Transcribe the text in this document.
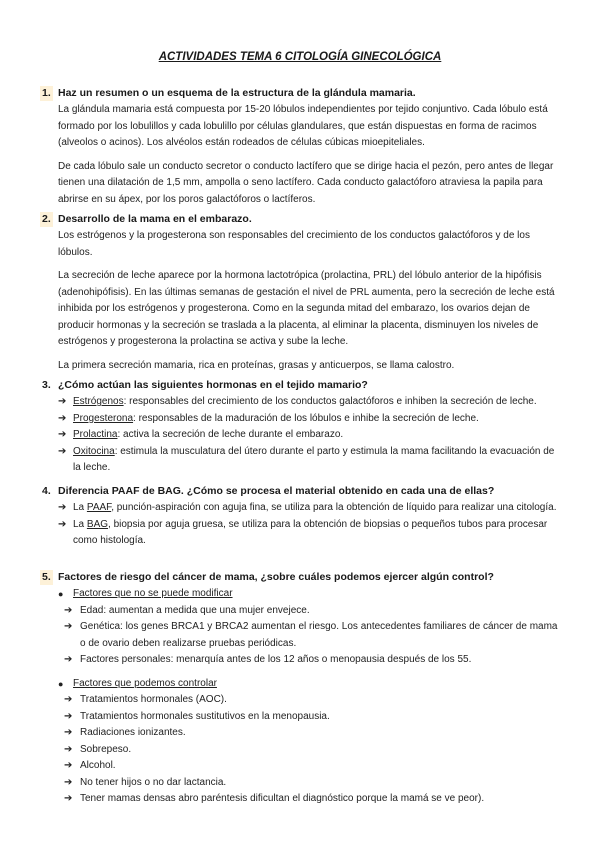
ACTIVIDADES TEMA 6 CITOLOGÍA GINECOLÓGICA
1. Haz un resumen o un esquema de la estructura de la glándula mamaria.

La glándula mamaria está compuesta por 15-20 lóbulos independientes por tejido conjuntivo. Cada lóbulo está formado por los lobulillos y cada lobulillo por células glandulares, que están dispuestas en forma de racimos (alveolos o acinos). Los alvéolos están rodeados de células cúbicas mioepiteliales.

De cada lóbulo sale un conducto secretor o conducto lactífero que se dirige hacia el pezón, pero antes de llegar tienen una dilatación de 1,5 mm, ampolla o seno lactífero. Cada conducto galactóforo atraviesa la papila para abrirse en su ápex, por los poros galactóforos o lactíferos.

2. Desarrollo de la mama en el embarazo.

Los estrógenos y la progesterona son responsables del crecimiento de los conductos galactóforos y de los lóbulos.

La secreción de leche aparece por la hormona lactotrópica (prolactina, PRL) del lóbulo anterior de la hipófisis (adenohipófisis). En las últimas semanas de gestación el nivel de PRL aumenta, pero la secreción de leche está inhibida por los estrógenos y progesterona. Como en la segunda mitad del embarazo, los ovarios dejan de producir hormonas y la secreción se traslada a la placenta, al eliminar la placenta, disminuyen los niveles de estrógenos y progesterona la prolactina se activa y sube la leche.

La primera secreción mamaria, rica en proteínas, grasas y anticuerpos, se llama calostro.

3. ¿Cómo actúan las siguientes hormonas en el tejido mamario?
➔ Estrógenos: responsables del crecimiento de los conductos galactóforos e inhiben la secreción de leche.
➔ Progesterona: responsables de la maduración de los lóbulos e inhibe la secreción de leche.
➔ Prolactina: activa la secreción de leche durante el embarazo.
➔ Oxitocina: estimula la musculatura del útero durante el parto y estimula la mama facilitando la evacuación de la leche.
4. Diferencia PAAF de BAG. ¿Cómo se procesa el material obtenido en cada una de ellas?
➔ La PAAF, punción-aspiración con aguja fina, se utiliza para la obtención de líquido para realizar una citología.
➔ La BAG, biopsia por aguja gruesa, se utiliza para la obtención de biopsias o pequeños tubos para procesar como histología.
5. Factores de riesgo del cáncer de mama, ¿sobre cuáles podemos ejercer algún control?
● Factores que no se puede modificar
➔ Edad: aumentan a medida que una mujer envejece.
➔ Genética: los genes BRCA1 y BRCA2 aumentan el riesgo. Los antecedentes familiares de cáncer de mama o de ovario deben realizarse pruebas periódicas.
➔ Factores personales: menarquía antes de los 12 años o menopausia después de los 55.
● Factores que podemos controlar
➔ Tratamientos hormonales (AOC).
➔ Tratamientos hormonales sustitutivos en la menopausia.
➔ Radiaciones ionizantes.
➔ Sobrepeso.
➔ Alcohol.
➔ No tener hijos o no dar lactancia.
➔ Tener mamas densas abro paréntesis dificultan el diagnóstico porque la mamá se ve peor).
